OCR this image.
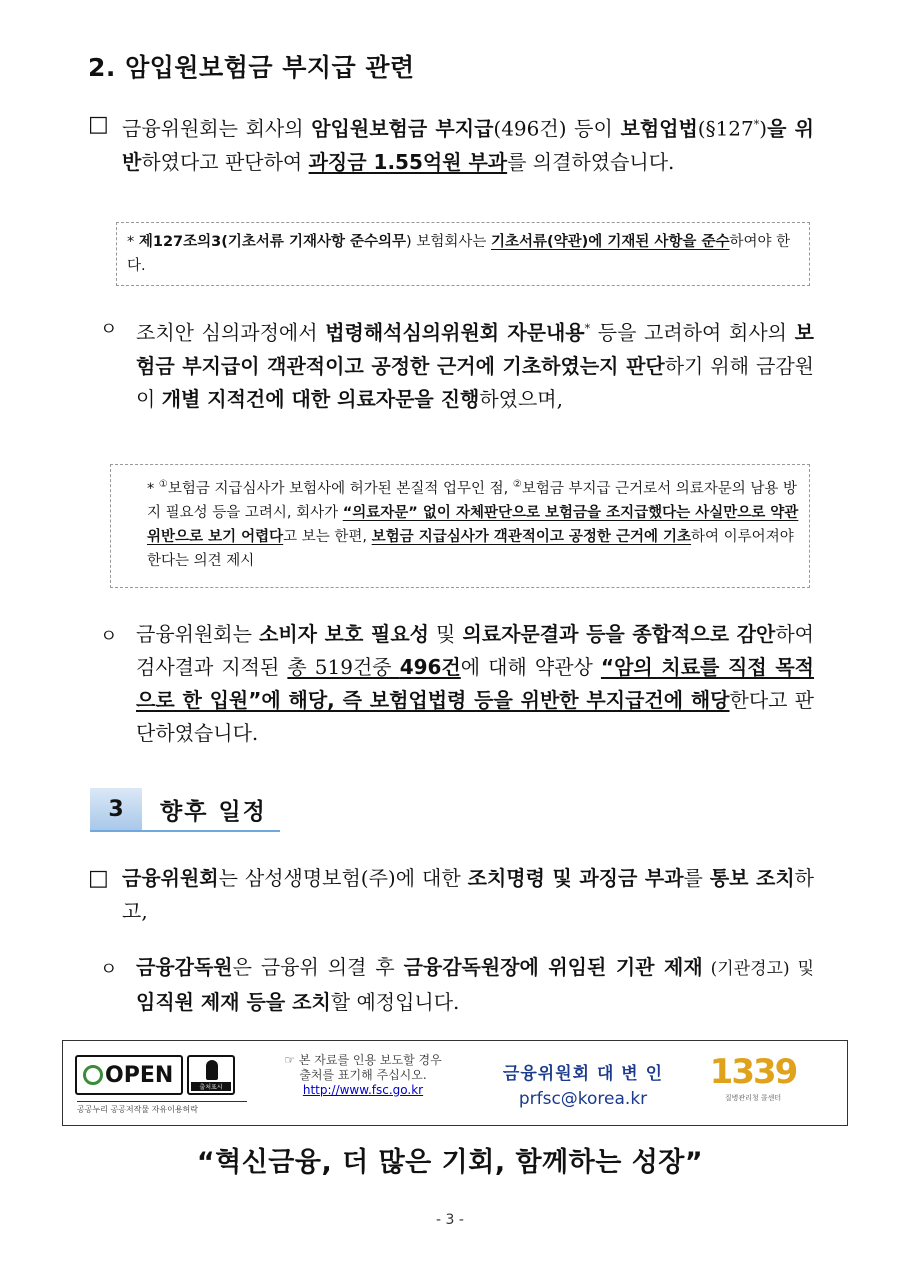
2. 암입원보험금 부지급 관련
□ 금융위원회는 회사의 암입원보험금 부지급(496건) 등이 보험업법(§127*)을 위반하였다고 판단하여 과징금 1.55억원 부과를 의결하였습니다.
* 제127조의3(기초서류 기재사항 준수의무) 보험회사는 기초서류(약관)에 기재된 사항을 준수하여야 한다.
ㅇ 조치안 심의과정에서 법령해석심의위원회 자문내용* 등을 고려하여 회사의 보험금 부지급이 객관적이고 공정한 근거에 기초하였는지 판단하기 위해 금감원이 개별 지적건에 대한 의료자문을 진행하였으며,
* ①보험금 지급심사가 보험사에 허가된 본질적 업무인 점, ②보험금 부지급 근거로서 의료자문의 남용 방지 필요성 등을 고려시, 회사가 “의료자문” 없이 자체판단으로 보험금을 조지급했다는 사실만으로 약관 위반으로 보기 어렵다고 보는 한편, 보험금 지급심사가 객관적이고 공정한 근거에 기초하여 이루어져야 한다는 의견 제시
ㅇ 금융위원회는 소비자 보호 필요성 및 의료자문결과 등을 종합적으로 감안하여 검사결과 지적된 총 519건중 496건에 대해 약관상 “암의 치료를 직접 목적으로 한 입원”에 해당, 즉 보험업법령 등을 위반한 부지급건에 해당한다고 판단하였습니다.
3	향후 일정
□ 금융위원회는 삼성생명보험(주)에 대한 조치명령 및 과징금 부과를 통보 조치하고,
ㅇ 금융감독원은 금융위 의결 후 금융감독원장에 위임된 기관 제재 (기관경고) 및 임직원 제재 등을 조치할 예정입니다.
OPEN	출처표시
공공누리 공공저작물 자유이용허락
☞ 본 자료를 인용 보도할 경우
출처를 표기해 주십시오.
http://www.fsc.go.kr
금융위원회 대 변 인
prfsc@korea.kr
1339
질병관리청 콜센터
“혁신금융, 더 많은 기회, 함께하는 성장”
- 3 -
